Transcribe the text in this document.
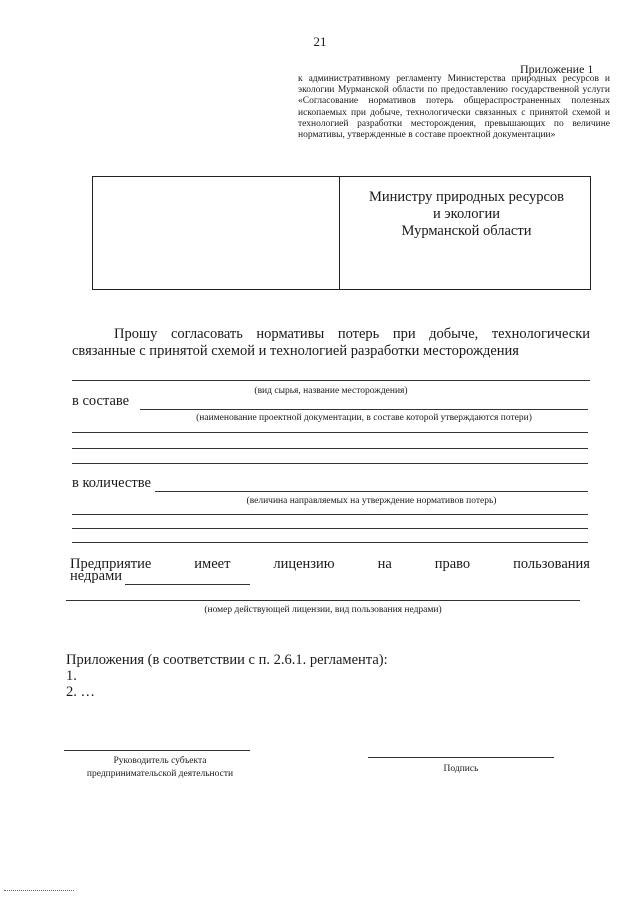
21
Приложение 1
к административному регламенту Министерства природных ресурсов и экологии Мурманской области по предоставлению государственной услуги «Согласование нормативов потерь общераспространенных полезных ископаемых при добыче, технологически связанных с принятой схемой и технологией разработки месторождения, превышающих по величине нормативы, утвержденные в составе проектной документации»
Министру природных ресурсов
и экологии
Мурманской области
Прошу согласовать нормативы потерь при добыче, технологически связанные с принятой схемой и технологией разработки месторождения
(вид сырья, название месторождения)
в составе
(наименование проектной документации, в составе которой утверждаются потери)
в количестве
(величина направляемых на утверждение нормативов потерь)
Предприятие	имеет	лицензию	на	право	пользования
недрами
(номер действующей лицензии, вид пользования недрами)
Приложения (в соответствии с п. 2.6.1. регламента):
1.
2. …
Руководитель субъекта
предпринимательской деятельности	Подпись
